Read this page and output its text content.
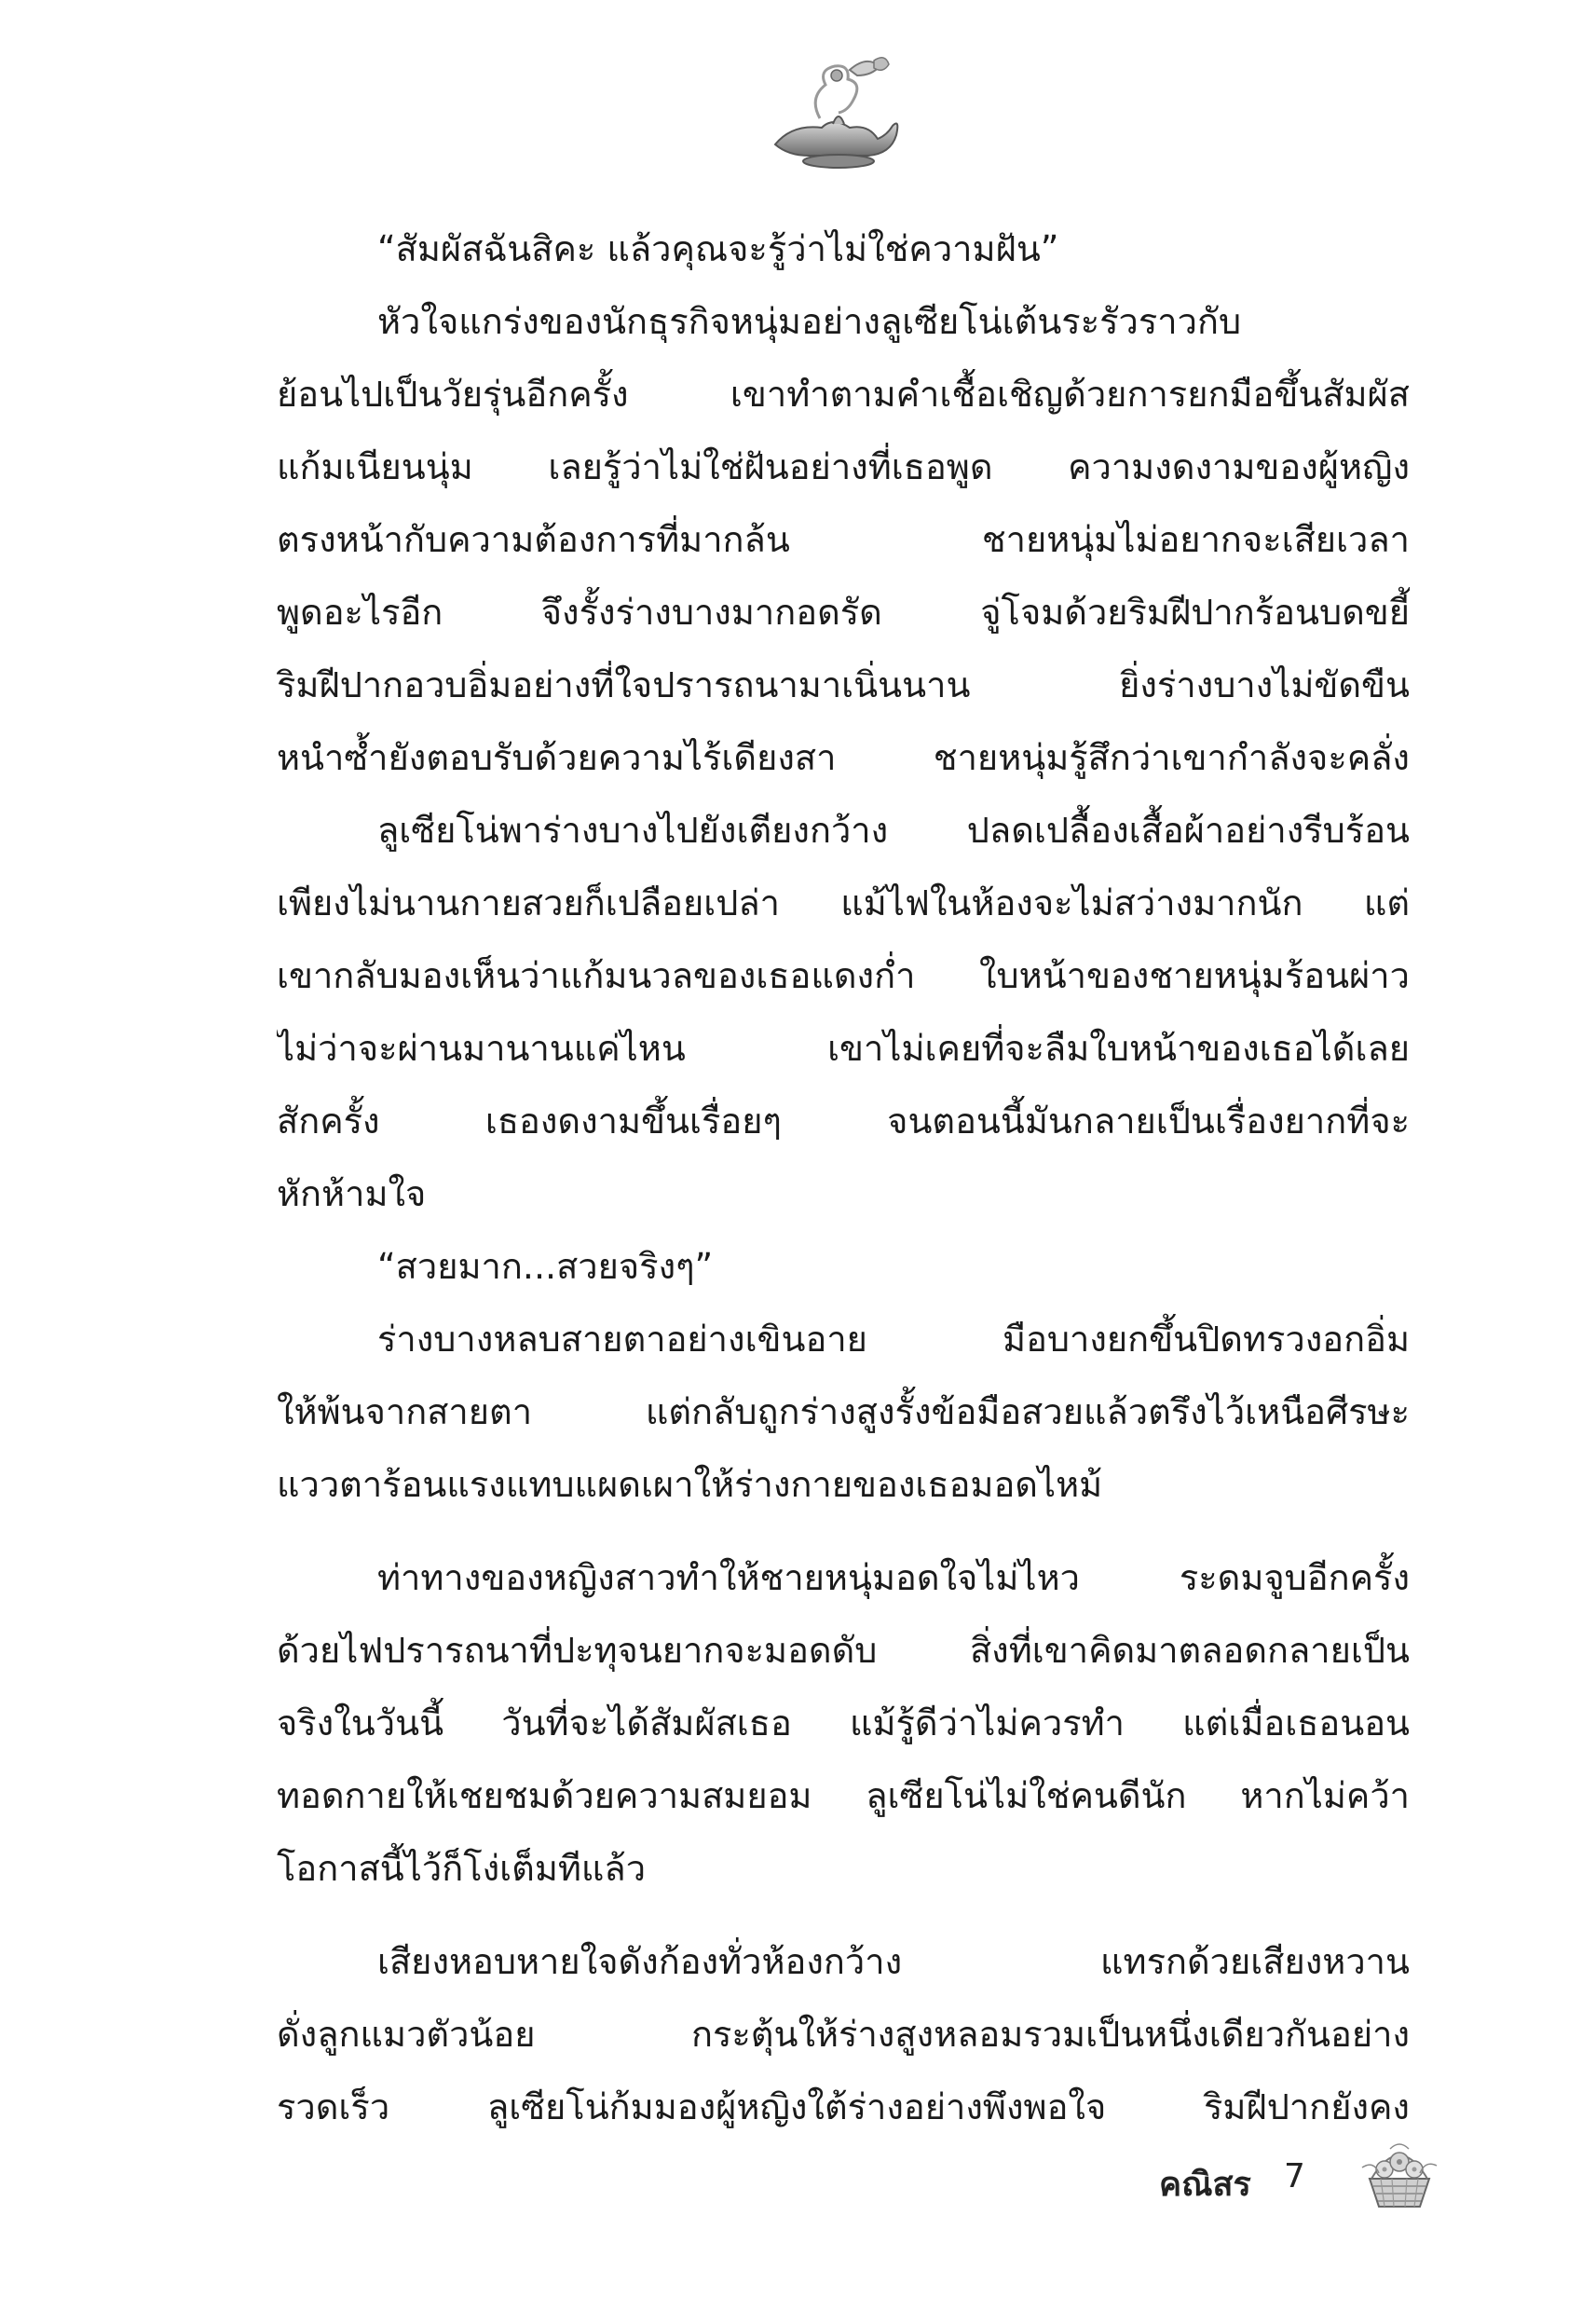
“สัมผัสฉันสิคะ แล้วคุณจะรู้ว่าไม่ใช่ความฝัน”
หัวใจแกร่งของนักธุรกิจหนุ่มอย่างลูเซียโน่เต้นระรัวราวกับ
ย้อนไปเป็นวัยรุ่นอีกครั้ง เขาทำตามคำเชื้อเชิญด้วยการยกมือขึ้นสัมผัส
แก้มเนียนนุ่ม เลยรู้ว่าไม่ใช่ฝันอย่างที่เธอพูด ความงดงามของผู้หญิง
ตรงหน้ากับความต้องการที่มากล้น ชายหนุ่มไม่อยากจะเสียเวลา
พูดอะไรอีก จึงรั้งร่างบางมากอดรัด จู่โจมด้วยริมฝีปากร้อนบดขยี้
ริมฝีปากอวบอิ่มอย่างที่ใจปรารถนามาเนิ่นนาน ยิ่งร่างบางไม่ขัดขืน
หนำซ้ำยังตอบรับด้วยความไร้เดียงสา ชายหนุ่มรู้สึกว่าเขากำลังจะคลั่ง
ลูเซียโน่พาร่างบางไปยังเตียงกว้าง ปลดเปลื้องเสื้อผ้าอย่างรีบร้อน
เพียงไม่นานกายสวยก็เปลือยเปล่า แม้ไฟในห้องจะไม่สว่างมากนัก แต่
เขากลับมองเห็นว่าแก้มนวลของเธอแดงก่ำ ใบหน้าของชายหนุ่มร้อนผ่าว
ไม่ว่าจะผ่านมานานแค่ไหน เขาไม่เคยที่จะลืมใบหน้าของเธอได้เลย
สักครั้ง เธองดงามขึ้นเรื่อยๆ จนตอนนี้มันกลายเป็นเรื่องยากที่จะ
หักห้ามใจ
“สวยมาก...สวยจริงๆ”
ร่างบางหลบสายตาอย่างเขินอาย มือบางยกขึ้นปิดทรวงอกอิ่ม
ให้พ้นจากสายตา แต่กลับถูกร่างสูงรั้งข้อมือสวยแล้วตรึงไว้เหนือศีรษะ
แววตาร้อนแรงแทบแผดเผาให้ร่างกายของเธอมอดไหม้
ท่าทางของหญิงสาวทำให้ชายหนุ่มอดใจไม่ไหว ระดมจูบอีกครั้ง
ด้วยไฟปรารถนาที่ปะทุจนยากจะมอดดับ สิ่งที่เขาคิดมาตลอดกลายเป็น
จริงในวันนี้ วันที่จะได้สัมผัสเธอ แม้รู้ดีว่าไม่ควรทำ แต่เมื่อเธอนอน
ทอดกายให้เชยชมด้วยความสมยอม ลูเซียโน่ไม่ใช่คนดีนัก หากไม่คว้า
โอกาสนี้ไว้ก็โง่เต็มทีแล้ว
เสียงหอบหายใจดังก้องทั่วห้องกว้าง แทรกด้วยเสียงหวาน
ดั่งลูกแมวตัวน้อย กระตุ้นให้ร่างสูงหลอมรวมเป็นหนึ่งเดียวกันอย่าง
รวดเร็ว ลูเซียโน่ก้มมองผู้หญิงใต้ร่างอย่างพึงพอใจ ริมฝีปากยังคง
คณิสร 7
